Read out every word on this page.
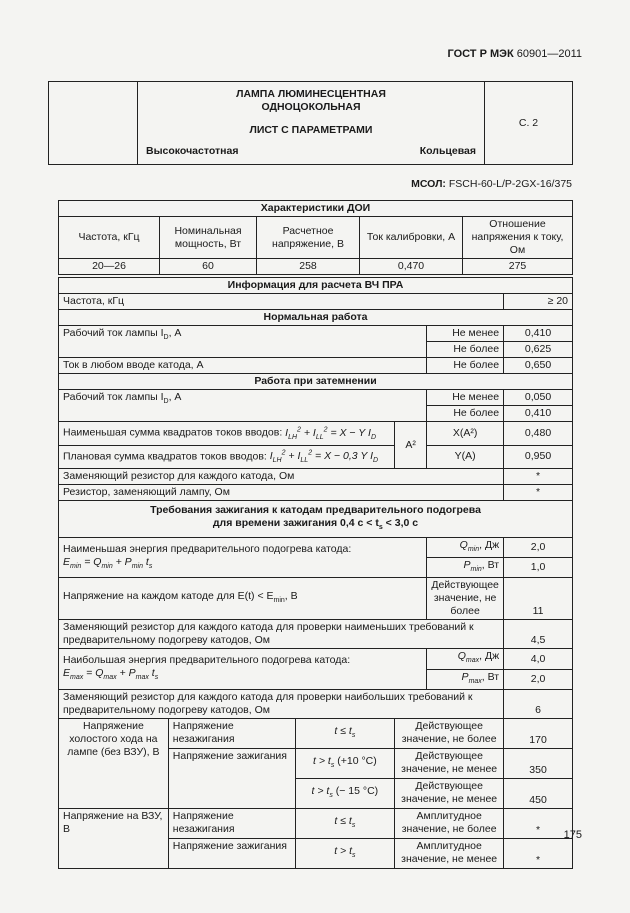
ГОСТ Р МЭК 60901—2011

ЛАМПА ЛЮМИНЕСЦЕНТНАЯ
ОДНОЦОКОЛЬНАЯ
ЛИСТ С ПАРАМЕТРАМИ
Высокочастотная	Кольцевая
	С. 2
МСОЛ: FSCH-60-L/P-2GX-16/375
Характеристики ДОИ				
Частота, кГц	Номинальная мощность, Вт	Расчетное напряжение, В	Ток калибровки, А	Отношение напряжения к току, Ом
20—26	60	258	0,470	275
Информация для расчета ВЧ ПРА					
Частота, кГц					≥ 20
Нормальная работа					
Рабочий ток лампы $I_D$, А				Не менее	0,410
				Не более	0,625
Ток в любом вводе катода, А				Не более	0,650
Работа при затемнении					
Рабочий ток лампы $I_D$, А				Не менее	0,050
				Не более	0,410
Наименьшая сумма квадратов токов вводов: $I_{LH}^2 + I_{LL}^2 = X - Y$ $I_D$			A²	X(A²)	0,480
Плановая сумма квадратов токов вводов: $I_{LH}^2 + I_{LL}^2 = X - 0,3$ Y $I_D$				Y(A)	0,950
Заменяющий резистор для каждого катода, Ом					*
Резистор, заменяющий лампу, Ом					*

Требования зажигания к катодам предварительного подогрева
для времени зажигания 0,4 $с < t_s < 3,0$ с					

Наименьшая энергия предварительного подогрева катода:
$E_{min} = Q_{min} + P_{min}$ $t_s$				$Q_{min}$, Дж	2,0
				$P_{min}$, Вт	1,0
Напряжение на каждом катоде для $E(t) < E_{min}$, В				Действующее значение, не более	11
Заменяющий резистор для каждого катода для проверки наименьших требований к предварительному подогреву катодов, Ом					4,5

Наибольшая энергия предварительного подогрева катода:
$E_{max} = Q_{max} + P_{max}$ $t_s$				$Q_{max}$, Дж	4,0
				$P_{max}$, Вт	2,0
Заменяющий резистор для каждого катода для проверки наибольших требований к предварительному подогреву катодов, Ом					6
Напряжение холостого хода на лампе (без ВЗУ), В	Напряжение незажигания	$t \le t_s$	Действующее значение, не более		170
	Напряжение зажигания	$t > t_s$ (+10 °C)	Действующее значение, не менее		350
		$t > t_s$ (− 15 °C)	Действующее значение, не менее		450
Напряжение на ВЗУ, В	Напряжение незажигания	$t \le t_s$	Амплитудное значение, не более		*
	Напряжение зажигания	$t > t_s$	Амплитудное значение, не менее		*
175
